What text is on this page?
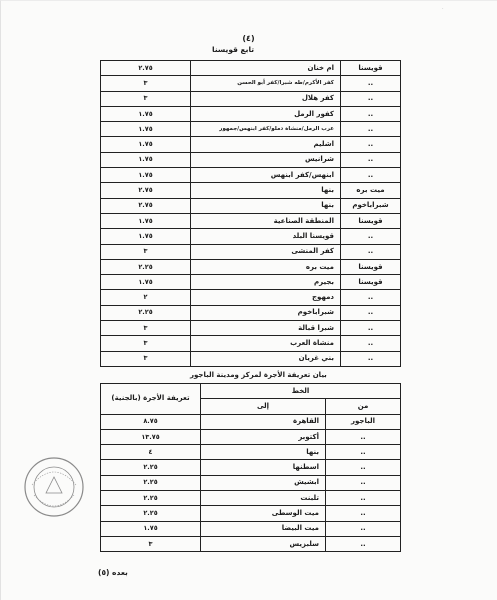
·
(٤)
تابع قويسنا
قويسنا	ام خنان	٢.٧٥
..	كفر الأكرم/طه شبرا/كفر أبو الحسن	٣
..	كفر هلال	٣
..	كفور الرمل	١.٧٥
..	عرب الرمل/منشاة دملو/كفر ابنهس/جمهور	١.٧٥
..	اشليم	١.٧٥
..	شرانيس	١.٧٥
..	ابنهس/كفر ابنهس	١.٧٥
ميت بره	بنها	٢.٧٥
شبراباخوم	بنها	٢.٧٥
قويسنا	المنطقة الصناعية	١.٧٥
..	قويسنا البلد	١.٧٥
..	كفر المنشى	٣
قويسنا	ميت بره	٢.٢٥
قويسنا	بجيرم	١.٧٥
..	دمهوج	٢
..	شبراباخوم	٢.٢٥
..	شبرا قبالة	٣
..	منشاة العرب	٣
..	بني غريان	٣
بيان تعريفة الأجرة لمركز ومدينة الباجور
الخط		تعريفة الأجرة (بالجنية)
من	إلى	
الباجور	القاهرة	٨.٧٥
..	أكتوبر	١٣.٧٥
..	بنها	٤
..	اسطنها	٢.٢٥
..	ابشيش	٢.٢٥
..	تلبنت	٢.٢٥
..	ميت الوسطى	٢.٢٥
..	ميت البيضا	١.٧٥
..	سلبزيس	٣
بعده (٥)
